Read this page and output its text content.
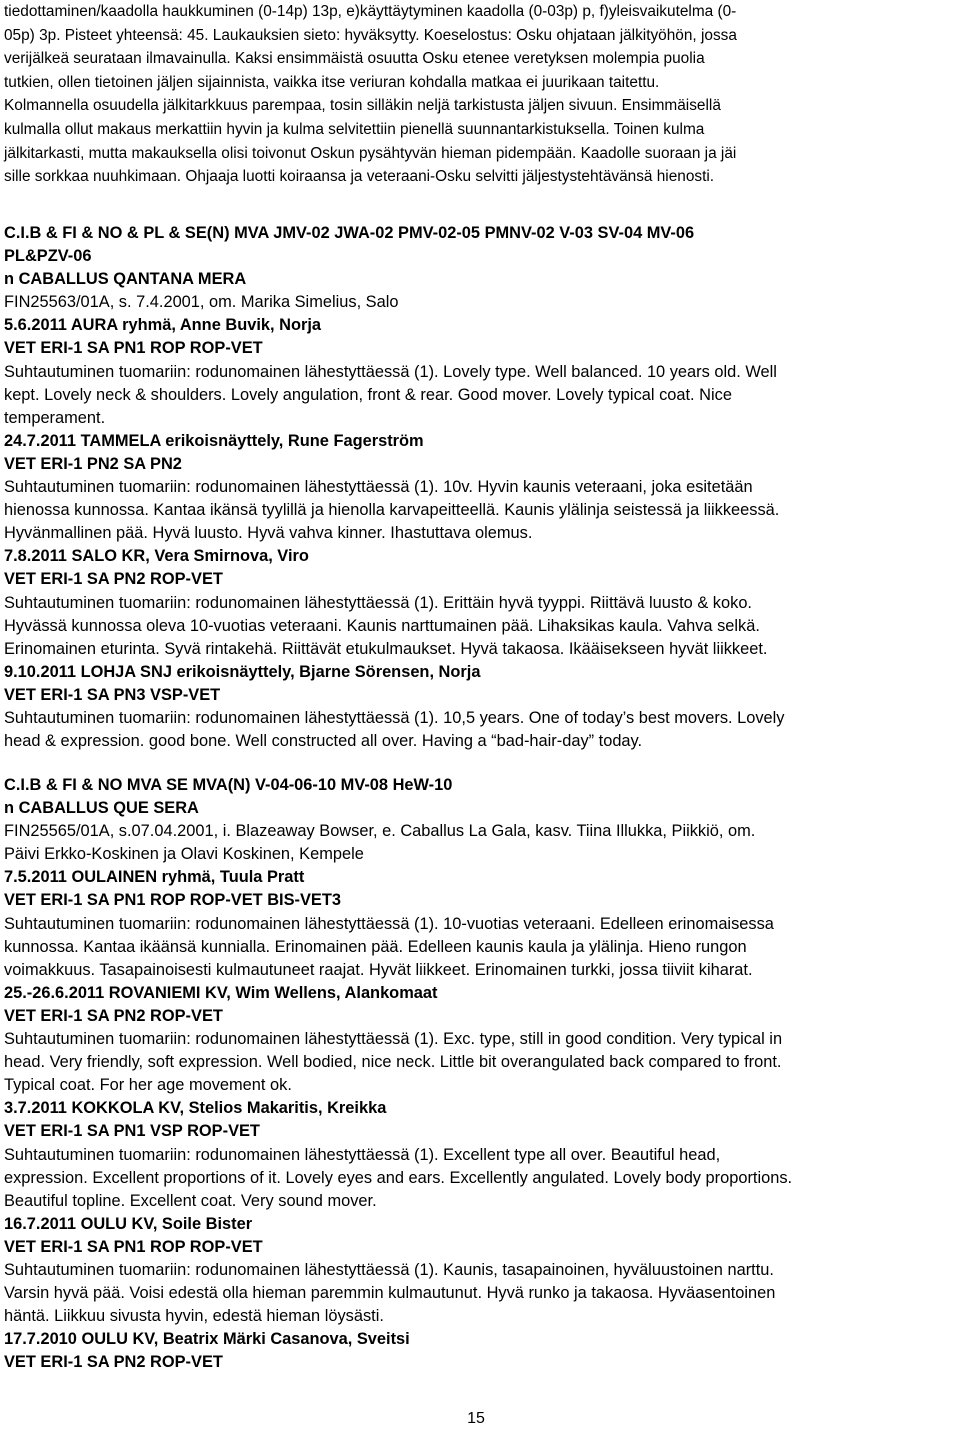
tiedottaminen/kaadolla haukkuminen (0-14p) 13p, e)käyttäytyminen kaadolla (0-03p) p, f)yleisvaikutelma (0-
05p) 3p. Pisteet yhteensä: 45. Laukauksien sieto: hyväksytty. Koeselostus: Osku ohjataan jälkityöhön, jossa
verijälkeä seurataan ilmavainulla. Kaksi ensimmäistä osuutta Osku etenee veretyksen molempia puolia
tutkien, ollen tietoinen jäljen sijainnista, vaikka itse veriuran kohdalla matkaa ei juurikaan taitettu.
Kolmannella osuudella jälkitarkkuus parempaa, tosin silläkin neljä tarkistusta jäljen sivuun. Ensimmäisellä
kulmalla ollut makaus merkattiin hyvin ja kulma selvitettiin pienellä suunnantarkistuksella. Toinen kulma
jälkitarkasti, mutta makauksella olisi toivonut Oskun pysähtyvän hieman pidempään. Kaadolle suoraan ja jäi
sille sorkkaa nuuhkimaan. Ohjaaja luotti koiraansa ja veteraani-Osku selvitti jäljestystehtävänsä hienosti.
C.I.B & FI & NO & PL & SE(N) MVA JMV-02 JWA-02 PMV-02-05 PMNV-02 V-03 SV-04 MV-06
PL&PZV-06
n CABALLUS QANTANA MERA
FIN25563/01A, s. 7.4.2001, om. Marika Simelius, Salo
5.6.2011 AURA ryhmä, Anne Buvik, Norja
VET ERI-1 SA PN1 ROP ROP-VET
Suhtautuminen tuomariin: rodunomainen lähestyttäessä (1). Lovely type. Well balanced. 10 years old. Well
kept. Lovely neck & shoulders. Lovely angulation, front & rear. Good mover. Lovely typical coat. Nice
temperament.
24.7.2011 TAMMELA erikoisnäyttely, Rune Fagerström
VET ERI-1 PN2 SA PN2
Suhtautuminen tuomariin: rodunomainen lähestyttäessä (1). 10v. Hyvin kaunis veteraani, joka esitetään
hienossa kunnossa. Kantaa ikänsä tyylillä ja hienolla karvapeitteellä. Kaunis ylälinja seistessä ja liikkeessä.
Hyvänmallinen pää. Hyvä luusto. Hyvä vahva kinner. Ihastuttava olemus.
7.8.2011 SALO KR, Vera Smirnova, Viro
VET ERI-1 SA PN2 ROP-VET
Suhtautuminen tuomariin: rodunomainen lähestyttäessä (1). Erittäin hyvä tyyppi. Riittävä luusto & koko.
Hyvässä kunnossa oleva 10-vuotias veteraani. Kaunis narttumainen pää. Lihaksikas kaula. Vahva selkä.
Erinomainen eturinta. Syvä rintakehä. Riittävät etukulmaukset. Hyvä takaosa. Ikääisekseen hyvät liikkeet.
9.10.2011 LOHJA SNJ erikoisnäyttely, Bjarne Sörensen, Norja
VET ERI-1 SA PN3 VSP-VET
Suhtautuminen tuomariin: rodunomainen lähestyttäessä (1). 10,5 years. One of today’s best movers. Lovely
head & expression. good bone. Well constructed all over. Having a “bad-hair-day” today.
C.I.B & FI & NO MVA SE MVA(N) V-04-06-10 MV-08 HeW-10
n CABALLUS QUE SERA
FIN25565/01A, s.07.04.2001, i. Blazeaway Bowser, e. Caballus La Gala, kasv. Tiina Illukka, Piikkiö, om.
Päivi Erkko-Koskinen ja Olavi Koskinen, Kempele
7.5.2011 OULAINEN ryhmä, Tuula Pratt
VET ERI-1 SA PN1 ROP ROP-VET BIS-VET3
Suhtautuminen tuomariin: rodunomainen lähestyttäessä (1). 10-vuotias veteraani. Edelleen erinomaisessa
kunnossa. Kantaa ikäänsä kunnialla. Erinomainen pää. Edelleen kaunis kaula ja ylälinja. Hieno rungon
voimakkuus. Tasapainoisesti kulmautuneet raajat. Hyvät liikkeet. Erinomainen turkki, jossa tiiviit kiharat.
25.-26.6.2011 ROVANIEMI KV, Wim Wellens, Alankomaat
VET ERI-1 SA PN2 ROP-VET
Suhtautuminen tuomariin: rodunomainen lähestyttäessä (1). Exc. type, still in good condition. Very typical in
head. Very friendly, soft expression. Well bodied, nice neck. Little bit overangulated back compared to front.
Typical coat. For her age movement ok.
3.7.2011 KOKKOLA KV, Stelios Makaritis, Kreikka
VET ERI-1 SA PN1 VSP ROP-VET
Suhtautuminen tuomariin: rodunomainen lähestyttäessä (1). Excellent type all over. Beautiful head,
expression. Excellent proportions of it. Lovely eyes and ears. Excellently angulated. Lovely body proportions.
Beautiful topline. Excellent coat. Very sound mover.
16.7.2011 OULU KV, Soile Bister
VET ERI-1 SA PN1 ROP ROP-VET
Suhtautuminen tuomariin: rodunomainen lähestyttäessä (1). Kaunis, tasapainoinen, hyväluustoinen narttu.
Varsin hyvä pää. Voisi edestä olla hieman paremmin kulmautunut. Hyvä runko ja takaosa. Hyväasentoinen
häntä. Liikkuu sivusta hyvin, edestä hieman löysästi.
17.7.2010 OULU KV, Beatrix Märki Casanova, Sveitsi
VET ERI-1 SA PN2 ROP-VET
15
